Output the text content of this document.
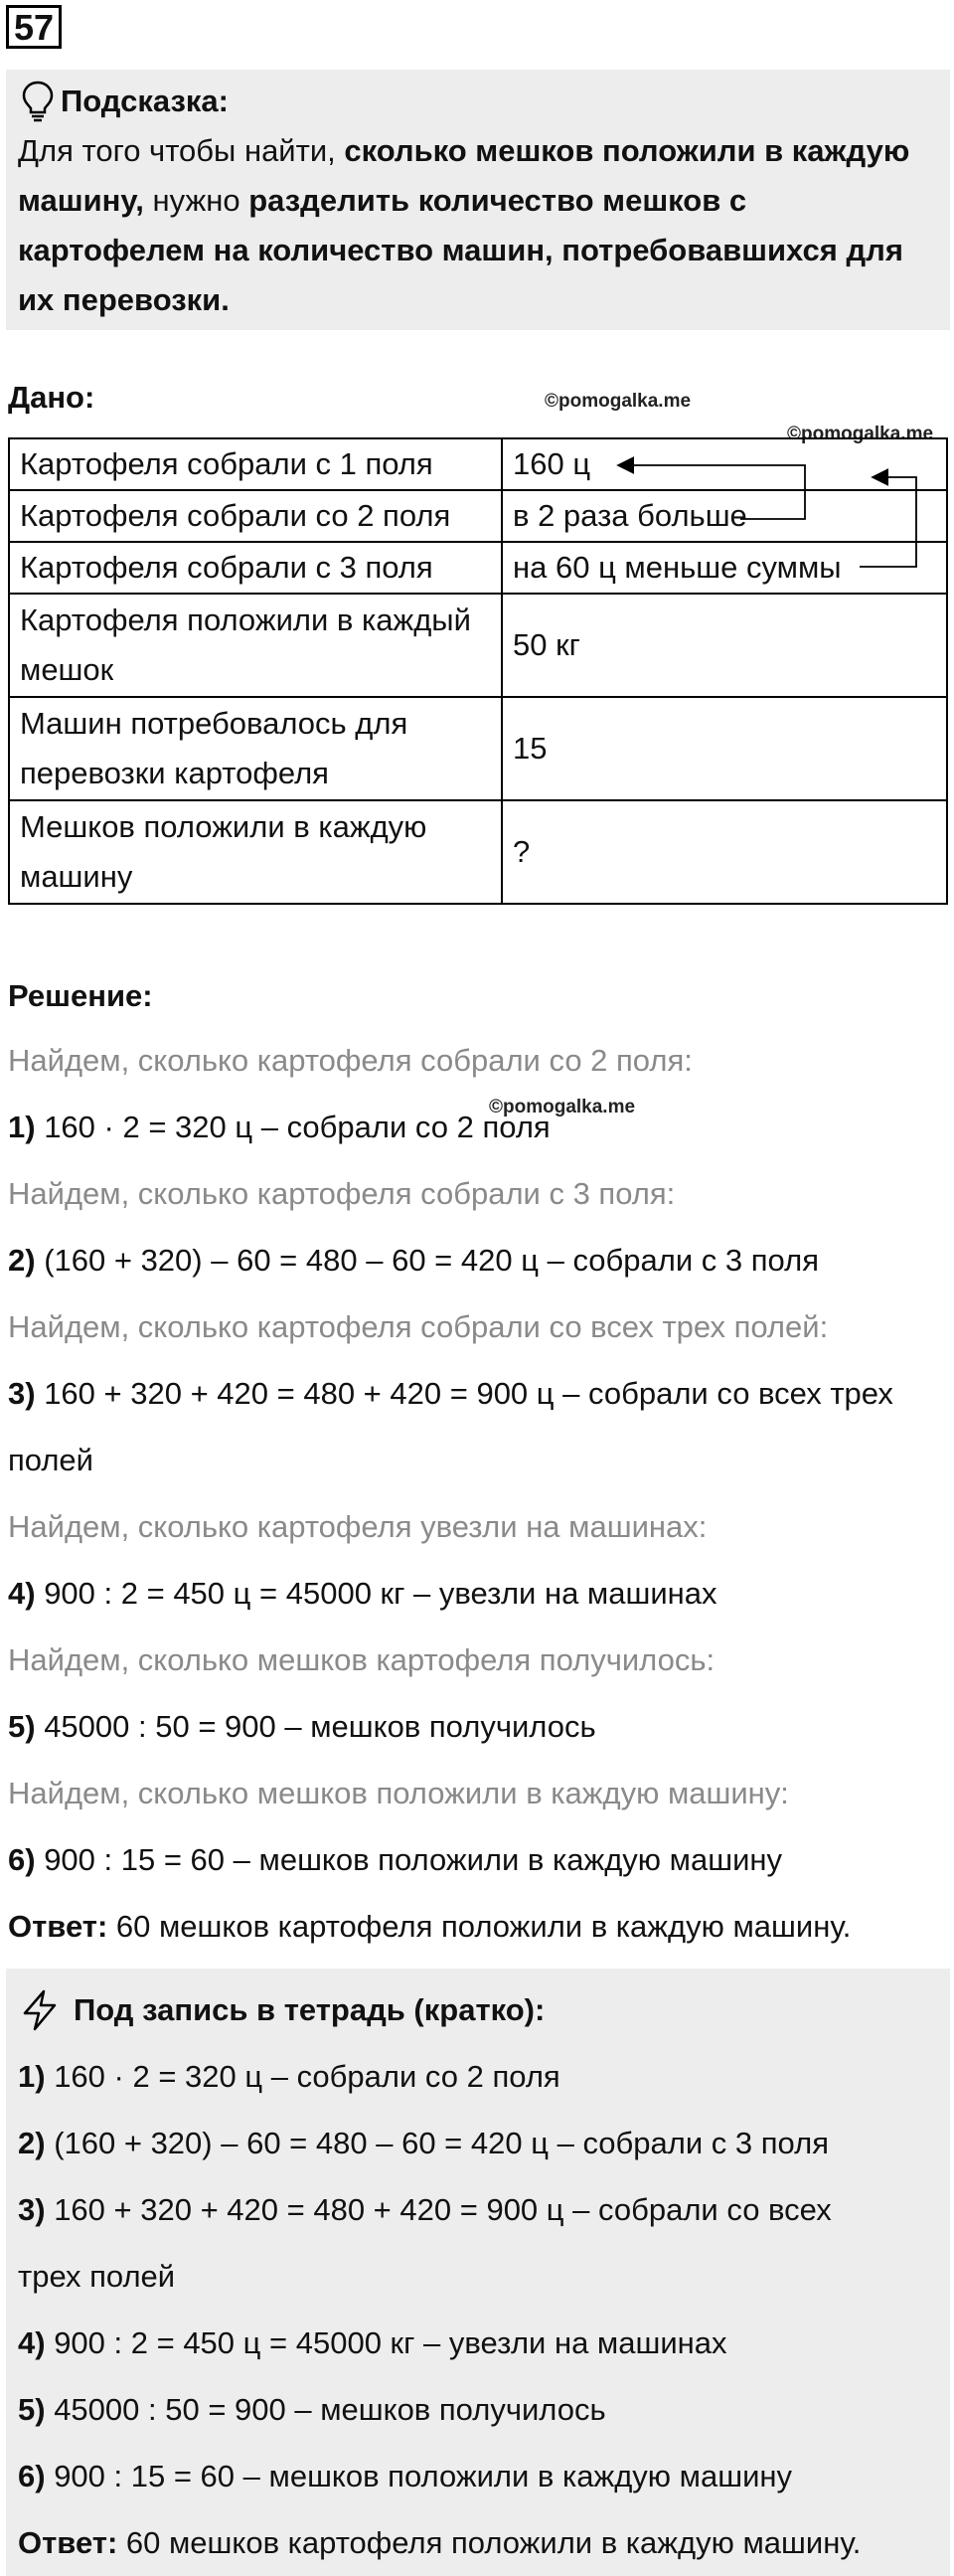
57
Подсказка:
Для того чтобы найти, сколько мешков положили в каждую машину, нужно разделить количество мешков с картофелем на количество машин, потребовавшихся для их перевозки.
Дано:	©pomogalka.me
©pomogalka.me
Картофеля собрали с 1 поля	160 ц
Картофеля собрали со 2 поля	в 2 раза больше
Картофеля собрали с 3 поля	на 60 ц меньше суммы
Картофеля положили в каждый мешок	50 кг
Машин потребовалось для перевозки картофеля	15
Мешков положили в каждую машину	?
Решение:
Найдем, сколько картофеля собрали со 2 поля:
©pomogalka.me
1) 160 · 2 = 320 ц – собрали со 2 поля
Найдем, сколько картофеля собрали с 3 поля:
2) (160 + 320) – 60 = 480 – 60 = 420 ц – собрали с 3 поля
Найдем, сколько картофеля собрали со всех трех полей:
3) 160 + 320 + 420 = 480 + 420 = 900 ц – собрали со всех трех
полей
Найдем, сколько картофеля увезли на машинах:
4) 900 : 2 = 450 ц = 45000 кг – увезли на машинах
Найдем, сколько мешков картофеля получилось:
5) 45000 : 50 = 900 – мешков получилось
Найдем, сколько мешков положили в каждую машину:
6) 900 : 15 = 60 – мешков положили в каждую машину
Ответ: 60 мешков картофеля положили в каждую машину.
Под запись в тетрадь (кратко):
1) 160 · 2 = 320 ц – собрали со 2 поля
2) (160 + 320) – 60 = 480 – 60 = 420 ц – собрали с 3 поля
3) 160 + 320 + 420 = 480 + 420 = 900 ц – собрали со всех
трех полей
4) 900 : 2 = 450 ц = 45000 кг – увезли на машинах
5) 45000 : 50 = 900 – мешков получилось
6) 900 : 15 = 60 – мешков положили в каждую машину
Ответ: 60 мешков картофеля положили в каждую машину.
